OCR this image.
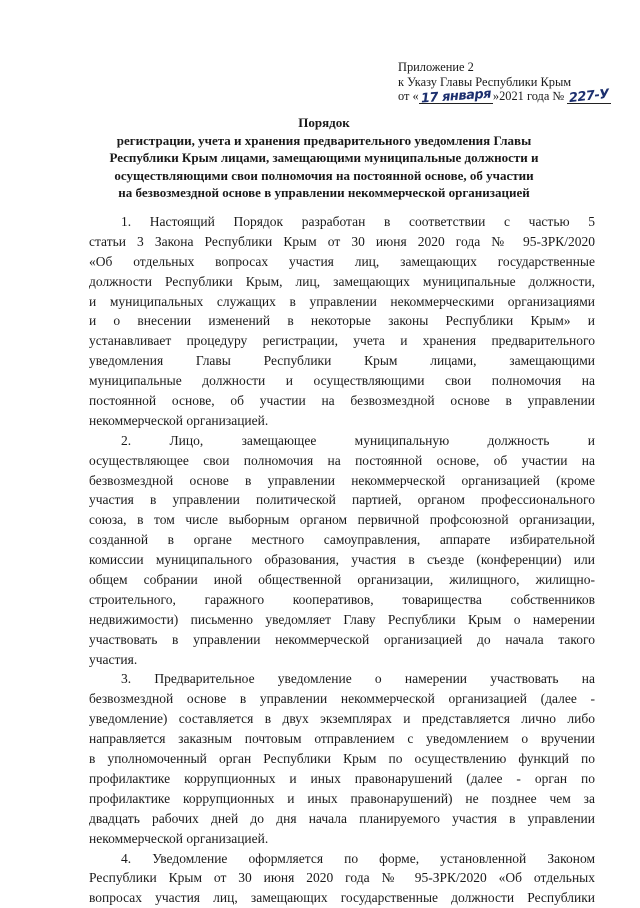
Приложение 2
к Указу Главы Республики Крым
от « 17 января »2021 года № 227-У
Порядок
регистрации, учета и хранения предварительного уведомления Главы
Республики Крым лицами, замещающими муниципальные должности и
осуществляющими свои полномочия на постоянной основе, об участии
на безвозмездной основе в управлении некоммерческой организацией
1. Настоящий Порядок разработан в соответствии с частью 5
статьи 3 Закона Республики Крым от 30 июня 2020 года № 95-ЗРК/2020
«Об отдельных вопросах участия лиц, замещающих государственные
должности Республики Крым, лиц, замещающих муниципальные должности,
и муниципальных служащих в управлении некоммерческими организациями
и о внесении изменений в некоторые законы Республики Крым» и
устанавливает процедуру регистрации, учета и хранения предварительного
уведомления Главы Республики Крым лицами, замещающими
муниципальные должности и осуществляющими свои полномочия на
постоянной основе, об участии на безвозмездной основе в управлении
некоммерческой организацией.
2. Лицо, замещающее муниципальную должность и
осуществляющее свои полномочия на постоянной основе, об участии на
безвозмездной основе в управлении некоммерческой организацией (кроме
участия в управлении политической партией, органом профессионального
союза, в том числе выборным органом первичной профсоюзной организации,
созданной в органе местного самоуправления, аппарате избирательной
комиссии муниципального образования, участия в съезде (конференции) или
общем собрании иной общественной организации, жилищного, жилищно-
строительного, гаражного кооперативов, товарищества собственников
недвижимости) письменно уведомляет Главу Республики Крым о намерении
участвовать в управлении некоммерческой организацией до начала такого
участия.
3. Предварительное уведомление о намерении участвовать на
безвозмездной основе в управлении некоммерческой организацией (далее -
уведомление) составляется в двух экземплярах и представляется лично либо
направляется заказным почтовым отправлением с уведомлением о вручении
в уполномоченный орган Республики Крым по осуществлению функций по
профилактике коррупционных и иных правонарушений (далее - орган по
профилактике коррупционных и иных правонарушений) не позднее чем за
двадцать рабочих дней до дня начала планируемого участия в управлении
некоммерческой организацией.
4. Уведомление оформляется по форме, установленной Законом
Республики Крым от 30 июня 2020 года № 95-ЗРК/2020 «Об отдельных
вопросах участия лиц, замещающих государственные должности Республики
